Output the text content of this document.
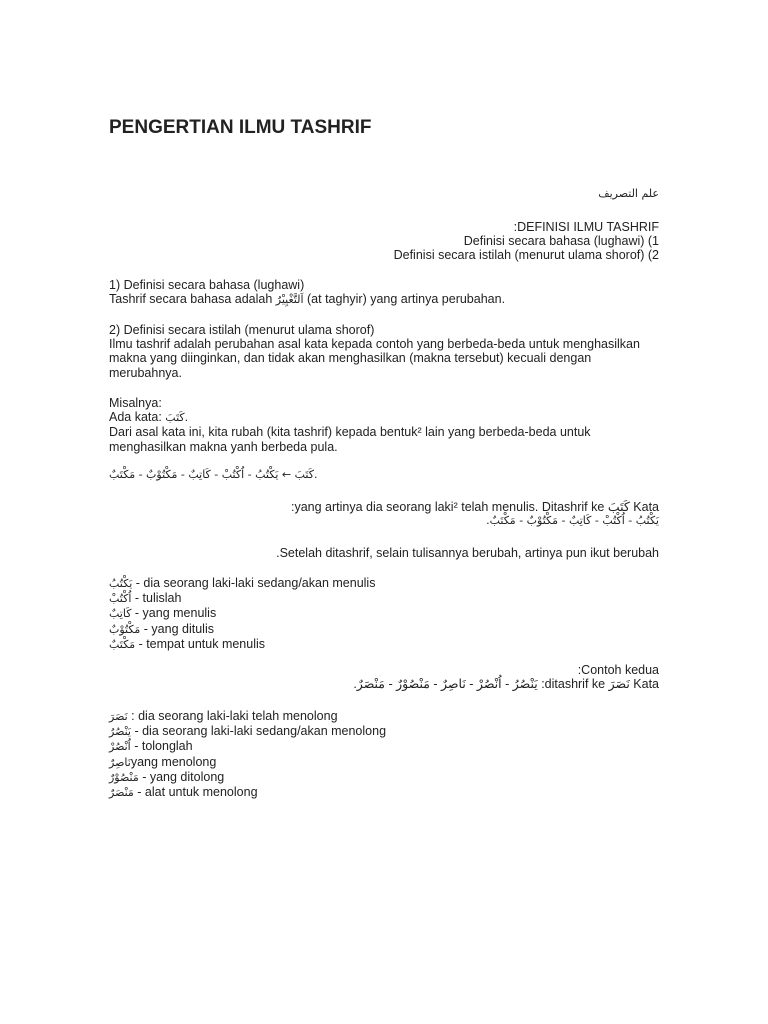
PENGERTIAN ILMU TASHRIF

علم التصريف

:DEFINISI ILMU TASHRIF
Definisi secara bahasa (lughawi) (1
Definisi secara istilah (menurut ulama shorof) (2
1) Definisi secara bahasa (lughawi)
Tashrif secara bahasa adalah اَلتَّغْيِيْرُ (at taghyir) yang artinya perubahan.
2) Definisi secara istilah (menurut ulama shorof)
Ilmu tashrif adalah perubahan asal kata kepada contoh yang berbeda-beda untuk menghasilkan makna yang diinginkan, dan tidak akan menghasilkan (makna tersebut) kecuali dengan merubahnya.
Misalnya:
Ada kata: كَتَبَ.
Dari asal kata ini, kita rubah (kita tashrif) kepada bentuk² lain yang berbeda-beda untuk menghasilkan makna yanh berbeda pula.

كَتَبَ ← يَكْتُبُ - اُكْتُبْ - كَاتِبٌ - مَكْتُوْبٌ - مَكْتَبٌ.

:yang artinya dia seorang laki² telah menulis. Ditashrif ke كَتَبَ Kata
.يَكْتُبُ - اُكْتُبْ - كَاتِبٌ - مَكْتُوْبٌ - مَكْتَبٌ

.Setelah ditashrif, selain tulisannya berubah, artinya pun ikut berubah

يَكْتُبُ - dia seorang laki-laki sedang/akan menulis
اُكْتُبْ - tulislah
كَاتِبٌ - yang menulis
مَكْتُوْبٌ - yang ditulis
مَكْتَبٌ - tempat untuk menulis
:Contoh kedua
.يَنْصُرُ - اُنْصُرْ - نَاصِرٌ - مَنْصُوْرٌ - مَنْصَرٌ :ditashrif ke نَصَرَ Kata
نَصَرَ : dia seorang laki-laki telah menolong
يَنْصُرُ - dia seorang laki-laki sedang/akan menolong
اُنْصُرْ - tolonglah
نَاصِرٌyang menolong
مَنْصُوْرٌ - yang ditolong
مَنْصَرٌ - alat untuk menolong
